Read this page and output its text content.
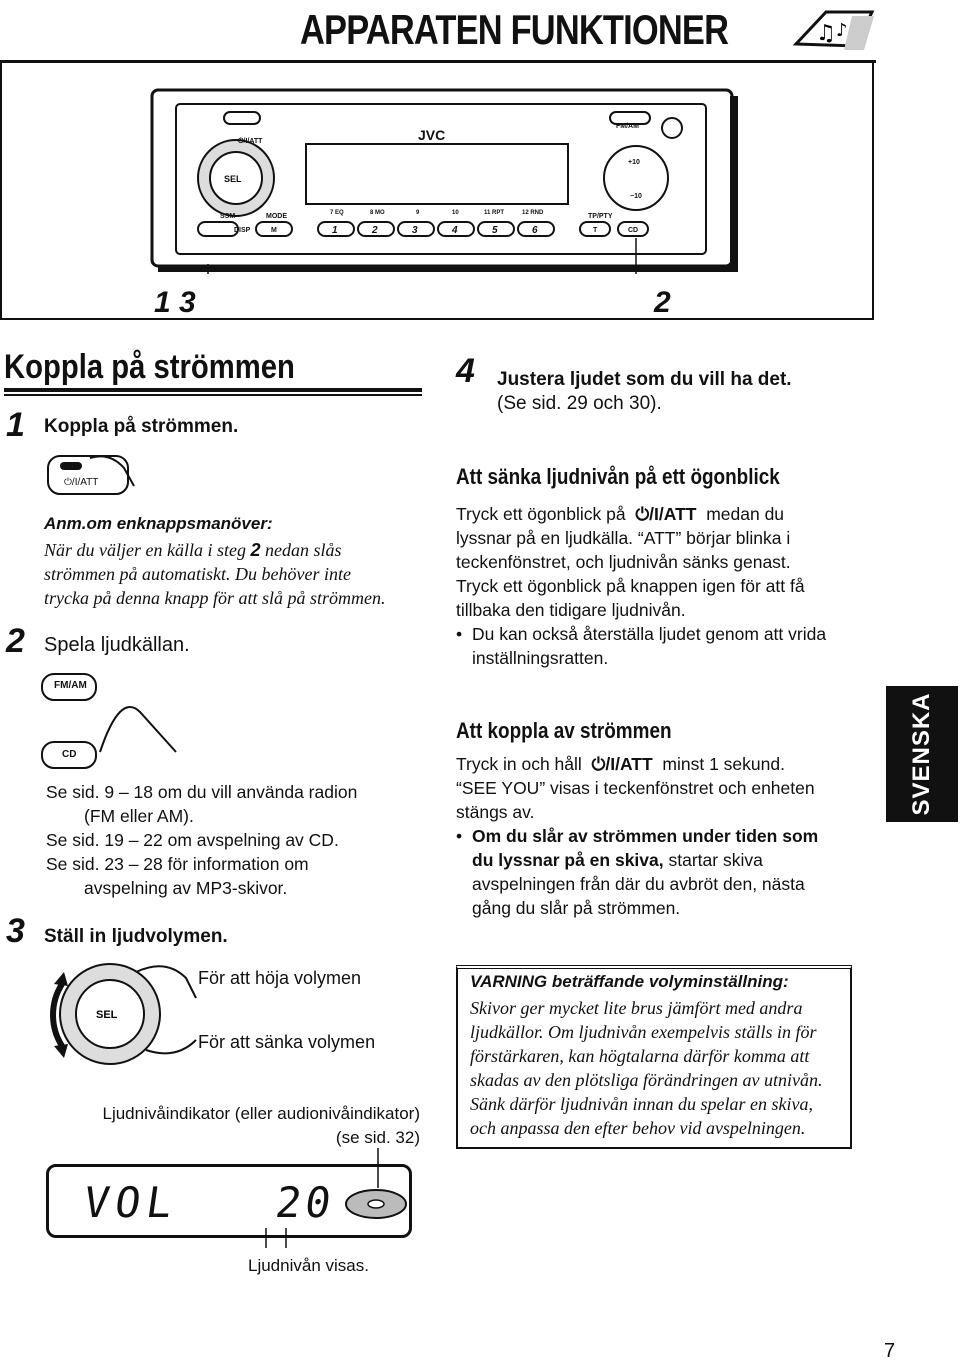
APPARATEN FUNKTIONER	♫ ♪
JVC
⏻/I/ATT
SEL
SSM	MODE
DISP	M
FM/AM
TP/PTY
T	CD
+10
−10
7 EQ	8 MO	9	10	11 RPT	12 RND
1	2	3	4	5	6
1 3	2
Koppla på strömmen
1 Koppla på strömmen.
⏻/I/ATT
Anm.om enknappsmanöver:
När du väljer en källa i steg 2 nedan slås
strömmen på automatiskt. Du behöver inte
trycka på denna knapp för att slå på strömmen.
2 Spela ljudkällan.
FM/AM
CD
Se sid. 9 – 18 om du vill använda radion
(FM eller AM).
Se sid. 19 – 22 om avspelning av CD.
Se sid. 23 – 28 för information om
avspelning av MP3-skivor.
3 Ställ in ljudvolymen.
SEL
För att höja volymen
För att sänka volymen
Ljudnivåindikator (eller audionivåindikator)
(se sid. 32)
VOL 20
Ljudnivån visas.
4 Justera ljudet som du vill ha det.
(Se sid. 29 och 30).
Att sänka ljudnivån på ett ögonblick
Tryck ett ögonblick på ⏻/I/ATT medan du
lyssnar på en ljudkälla. “ATT” börjar blinka i
teckenfönstret, och ljudnivån sänks genast.
Tryck ett ögonblick på knappen igen för att få
tillbaka den tidigare ljudnivån.
• Du kan också återställa ljudet genom att vrida
inställningsratten.
Att koppla av strömmen
Tryck in och håll ⏻/I/ATT minst 1 sekund.
“SEE YOU” visas i teckenfönstret och enheten
stängs av.
• Om du slår av strömmen under tiden som
du lyssnar på en skiva, startar skiva
avspelningen från där du avbröt den, nästa
gång du slår på strömmen.
SVENSKA
VARNING beträffande volyminställning:
Skivor ger mycket lite brus jämfört med andra
ljudkällor. Om ljudnivån exempelvis ställs in för
förstärkaren, kan högtalarna därför komma att
skadas av den plötsliga förändringen av utnivån.
Sänk därför ljudnivån innan du spelar en skiva,
och anpassa den efter behov vid avspelningen.
7
